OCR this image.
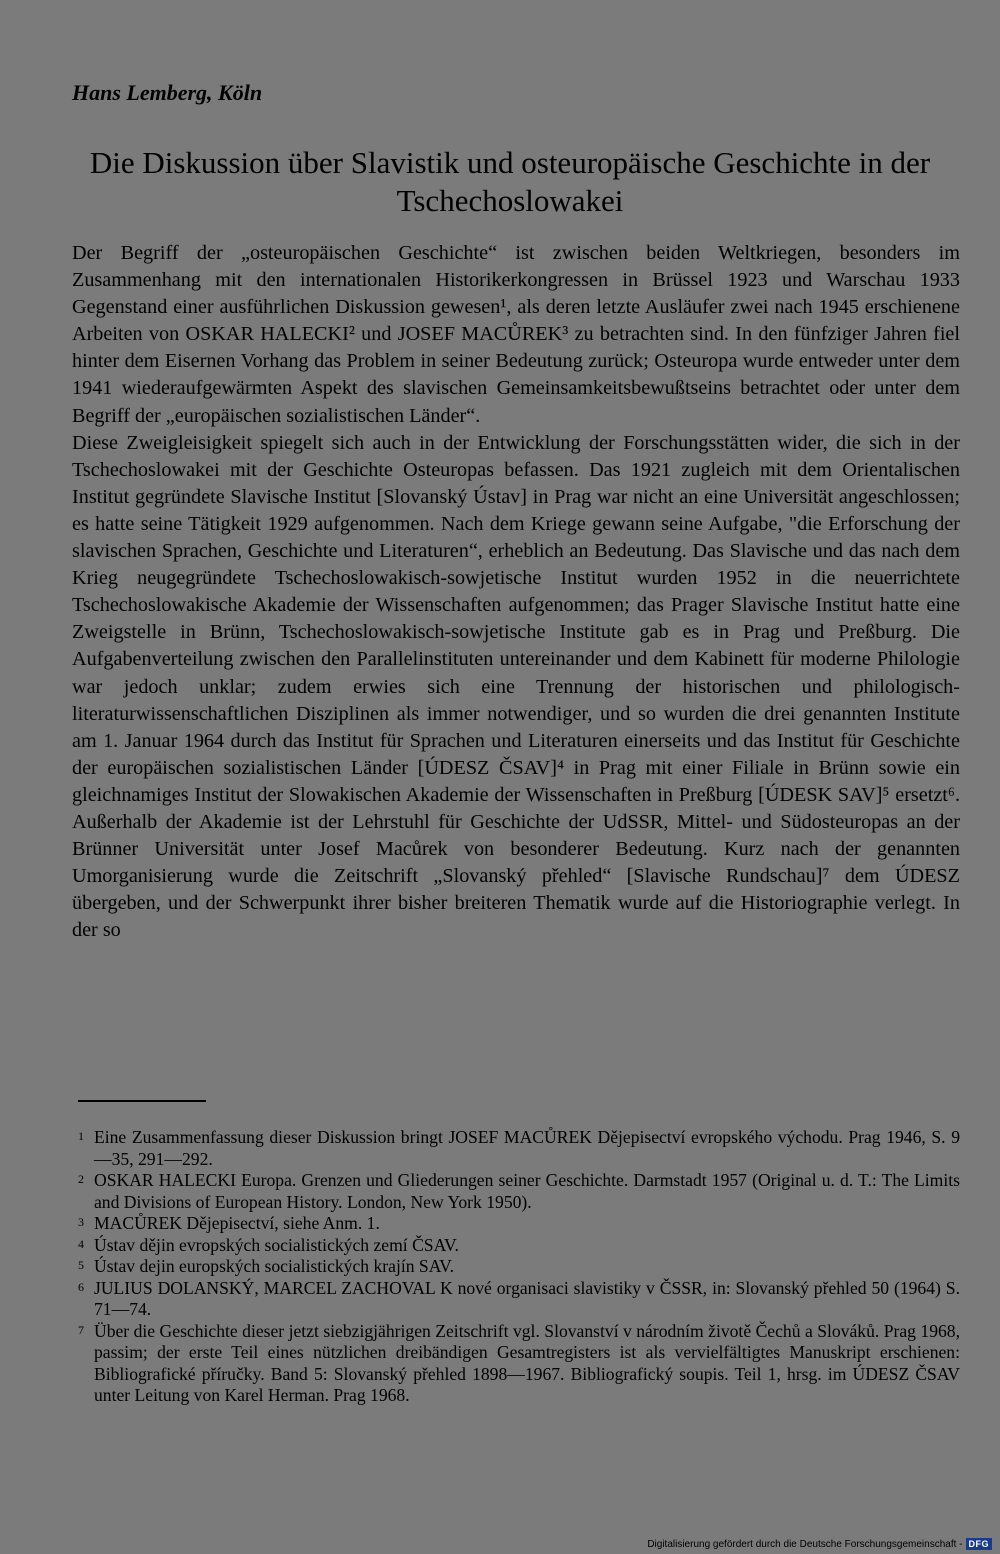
Hans Lemberg, Köln
Die Diskussion über Slavistik und osteuropäische Geschichte in der
Tschechoslowakei

Der Begriff der „osteuropäischen Geschichte“ ist zwischen beiden Weltkriegen, besonders im Zusammenhang mit den internationalen Historikerkongressen in Brüssel 1923 und Warschau 1933 Gegenstand einer ausführlichen Diskussion gewesen¹, als deren letzte Ausläufer zwei nach 1945 erschienene Arbeiten von OSKAR HALECKI² und JOSEF MACŮREK³ zu betrachten sind. In den fünfziger Jahren fiel hinter dem Eisernen Vorhang das Problem in seiner Bedeutung zurück; Osteuropa wurde entweder unter dem 1941 wiederaufgewärmten Aspekt des slavischen Gemeinsamkeitsbewußtseins betrachtet oder unter dem Begriff der „europäischen sozialistischen Länder“.

Diese Zweigleisigkeit spiegelt sich auch in der Entwicklung der Forschungsstätten wider, die sich in der Tschechoslowakei mit der Geschichte Osteuropas befassen. Das 1921 zugleich mit dem Orientalischen Institut gegründete Slavische Institut [Slovanský Ústav] in Prag war nicht an eine Universität angeschlossen; es hatte seine Tätigkeit 1929 aufgenommen. Nach dem Kriege gewann seine Aufgabe, "die Erforschung der slavischen Sprachen, Geschichte und Literaturen“, erheblich an Bedeutung. Das Slavische und das nach dem Krieg neugegründete Tschechoslowakisch-sowjetische Institut wurden 1952 in die neuerrichtete Tschechoslowakische Akademie der Wissenschaften aufgenommen; das Prager Slavische Institut hatte eine Zweigstelle in Brünn, Tschechoslowakisch-sowjetische Institute gab es in Prag und Preßburg. Die Aufgabenverteilung zwischen den Parallelinstituten untereinander und dem Kabinett für moderne Philologie war jedoch unklar; zudem erwies sich eine Trennung der historischen und philologisch-literaturwissenschaftlichen Disziplinen als immer notwendiger, und so wurden die drei genannten Institute am 1. Januar 1964 durch das Institut für Sprachen und Literaturen einerseits und das Institut für Geschichte der europäischen sozialistischen Länder [ÚDESZ ČSAV]⁴ in Prag mit einer Filiale in Brünn sowie ein gleichnamiges Institut der Slowakischen Akademie der Wissenschaften in Preßburg [ÚDESK SAV]⁵ ersetzt⁶. Außerhalb der Akademie ist der Lehrstuhl für Geschichte der UdSSR, Mittel- und Südosteuropas an der Brünner Universität unter Josef Macůrek von besonderer Bedeutung. Kurz nach der genannten Umorganisierung wurde die Zeitschrift „Slovanský přehled“ [Slavische Rundschau]⁷ dem ÚDESZ übergeben, und der Schwerpunkt ihrer bisher breiteren Thematik wurde auf die Historiographie verlegt. In der so

1 Eine Zusammenfassung dieser Diskussion bringt JOSEF MACŮREK Dějepisectví evropského východu. Prag 1946, S. 9—35, 291—292.
2 OSKAR HALECKI Europa. Grenzen und Gliederungen seiner Geschichte. Darmstadt 1957 (Original u. d. T.: The Limits and Divisions of European History. London, New York 1950).
3 MACŮREK Dějepisectví, siehe Anm. 1.
4 Ústav dějin evropských socialistických zemí ČSAV.
5 Ústav dejin europských socialistických krajín SAV.
6 JULIUS DOLANSKÝ, MARCEL ZACHOVAL K nové organisaci slavistiky v ČSSR, in: Slovanský přehled 50 (1964) S. 71—74.
7 Über die Geschichte dieser jetzt siebzigjährigen Zeitschrift vgl. Slovanství v národním životě Čechů a Slováků. Prag 1968, passim; der erste Teil eines nützlichen dreibändigen Gesamtregisters ist als vervielfältigtes Manuskript erschienen: Bibliografické příručky. Band 5: Slovanský přehled 1898—1967. Bibliografický soupis. Teil 1, hrsg. im ÚDESZ ČSAV unter Leitung von Karel Herman. Prag 1968.
Digitalisierung gefördert durch die Deutsche Forschungsgemeinschaft - DFG
